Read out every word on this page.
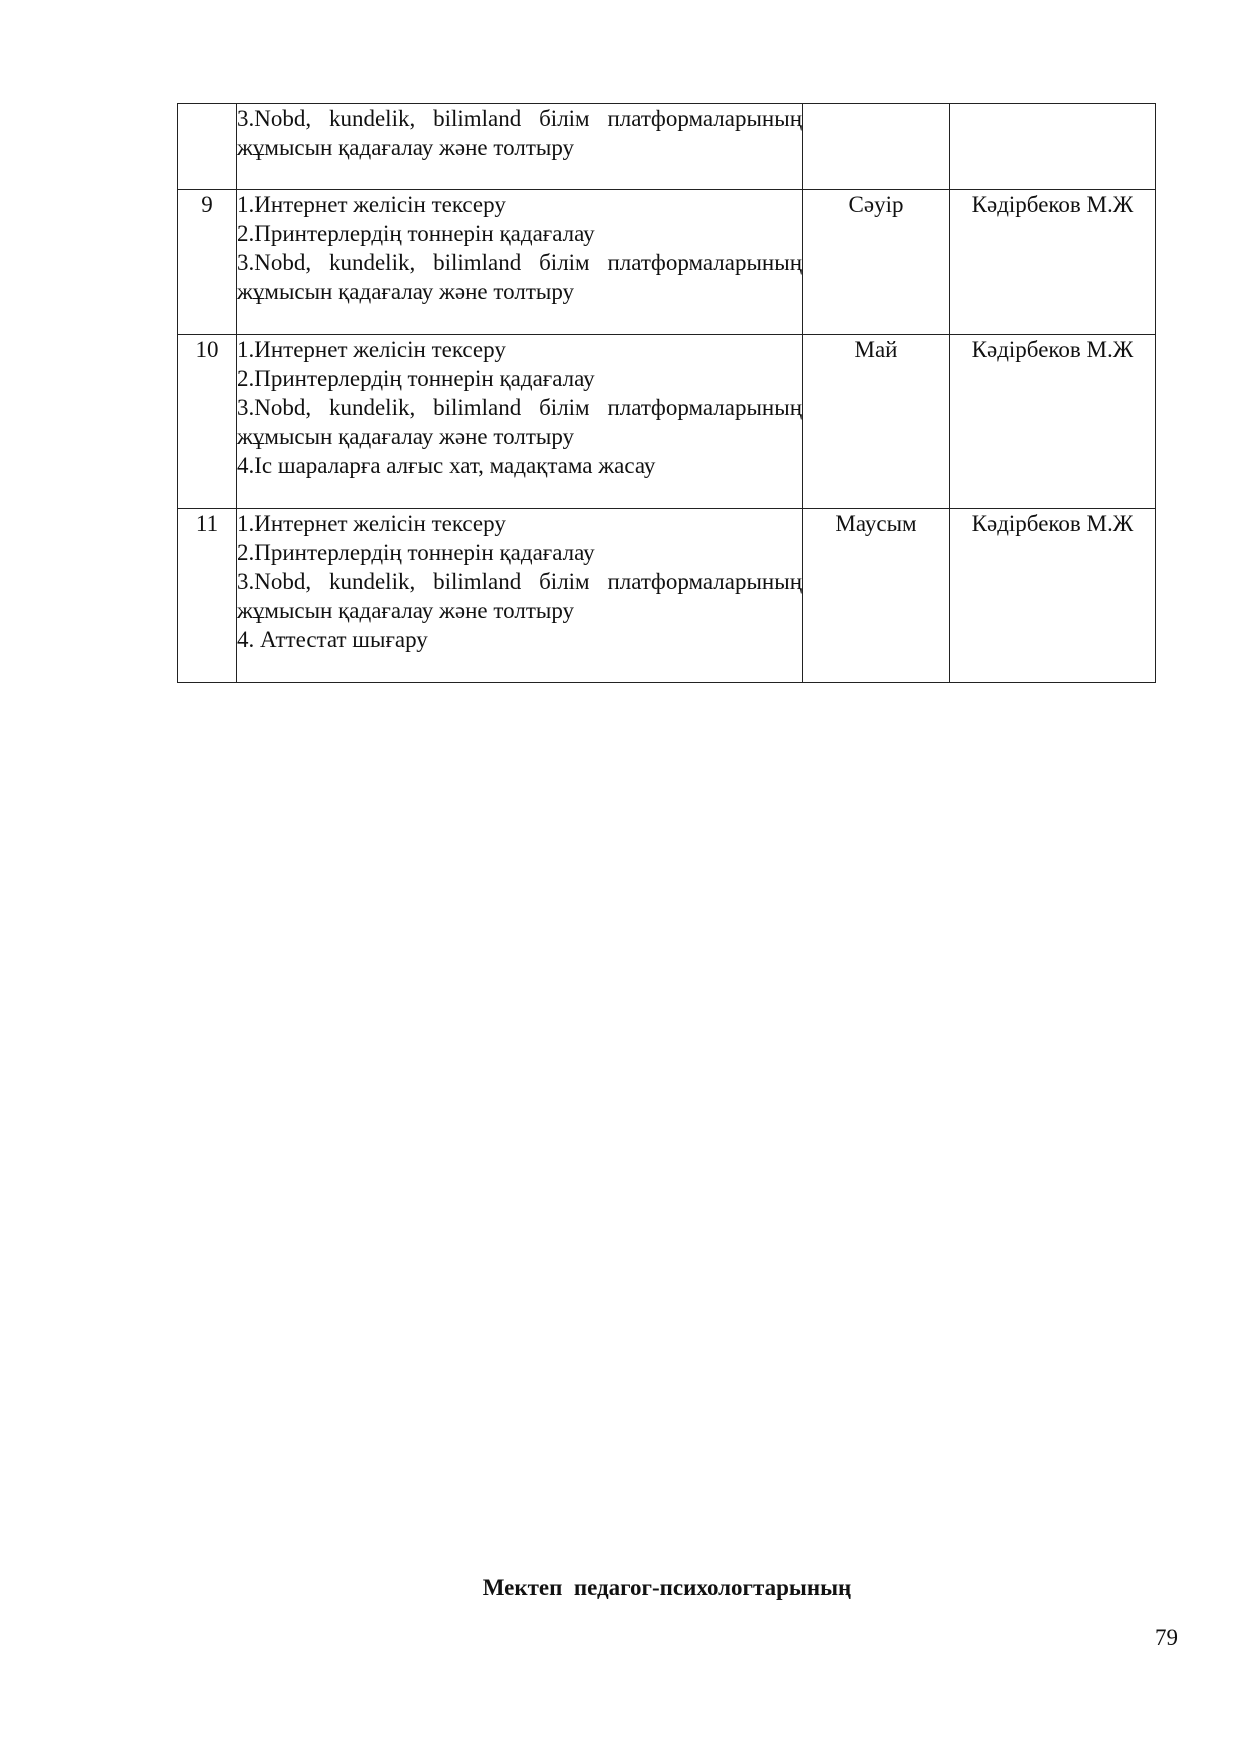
	3.Nobd, kundelik, bilimland білім платформаларының жұмысын қадағалау және толтыру		

9	1.Интернет желісін тексеру
2.Принтерлердің тоннерін қадағалау
3.Nobd, kundelik, bilimland білім платформаларының жұмысын қадағалау және толтыру	Сәуір	Кәдірбеков М.Ж
10	1.Интернет желісін тексеру
2.Принтерлердің тоннерін қадағалау
3.Nobd, kundelik, bilimland білім платформаларының жұмысын қадағалау және толтыру
4.Іс шараларға алғыс хат, мадақтама жасау	Май	Кәдірбеков М.Ж
11	1.Интернет желісін тексеру
2.Принтерлердің тоннерін қадағалау
3.Nobd, kundelik, bilimland білім платформаларының жұмысын қадағалау және толтыру
4. Аттестат шығару	Маусым	Кәдірбеков М.Ж
Мектеп  педагог-психологтарының
79
